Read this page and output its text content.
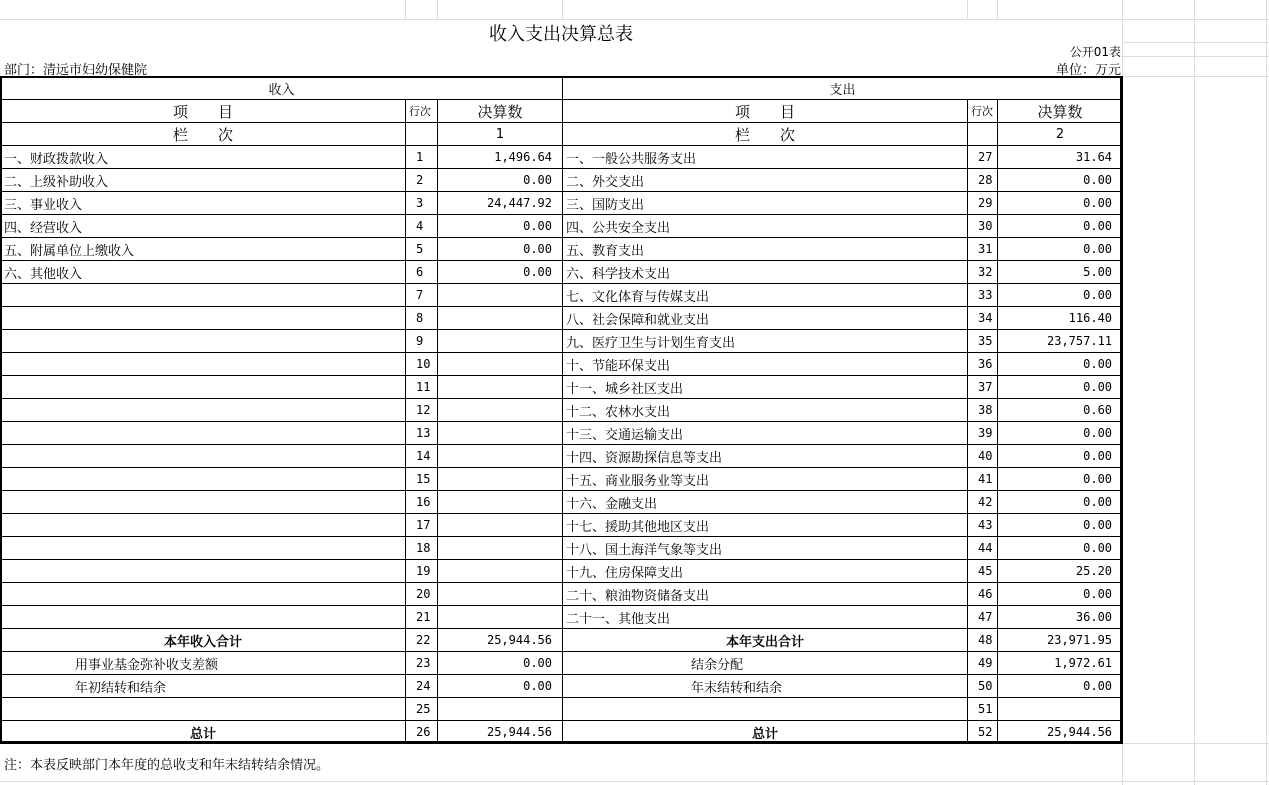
收入支出决算总表
公开01表
部门：清远市妇幼保健院	单位：万元
收入			支出		
项　　目	行次	决算数	项　　目	行次	决算数
栏　　次		1	栏　　次		2
一、财政拨款收入	1	1,496.64	一、一般公共服务支出	27	31.64
二、上级补助收入	2	0.00	二、外交支出	28	0.00
三、事业收入	3	24,447.92	三、国防支出	29	0.00
四、经营收入	4	0.00	四、公共安全支出	30	0.00
五、附属单位上缴收入	5	0.00	五、教育支出	31	0.00
六、其他收入	6	0.00	六、科学技术支出	32	5.00
	7		七、文化体育与传媒支出	33	0.00
	8		八、社会保障和就业支出	34	116.40
	9		九、医疗卫生与计划生育支出	35	23,757.11
	10		十、节能环保支出	36	0.00
	11		十一、城乡社区支出	37	0.00
	12		十二、农林水支出	38	0.60
	13		十三、交通运输支出	39	0.00
	14		十四、资源勘探信息等支出	40	0.00
	15		十五、商业服务业等支出	41	0.00
	16		十六、金融支出	42	0.00
	17		十七、援助其他地区支出	43	0.00
	18		十八、国土海洋气象等支出	44	0.00
	19		十九、住房保障支出	45	25.20
	20		二十、粮油物资储备支出	46	0.00
	21		二十一、其他支出	47	36.00
本年收入合计	22	25,944.56	本年支出合计	48	23,971.95
用事业基金弥补收支差额	23	0.00	结余分配	49	1,972.61
年初结转和结余	24	0.00	年末结转和结余	50	0.00
	25			51	
总计	26	25,944.56	总计	52	25,944.56
注：本表反映部门本年度的总收支和年末结转结余情况。
